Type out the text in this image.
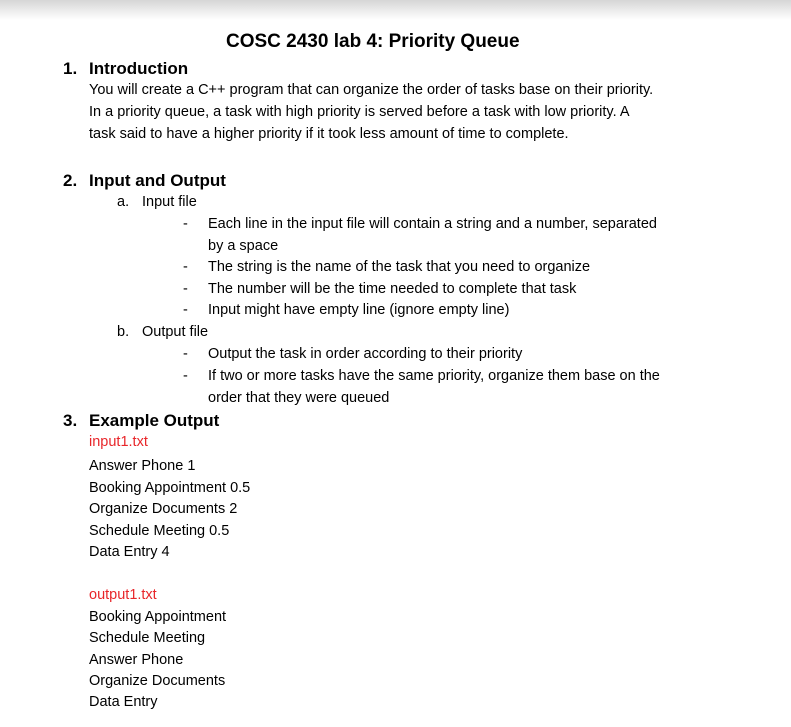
COSC 2430 lab 4: Priority Queue
1. Introduction
You will create a C++ program that can organize the order of tasks base on their priority.
In a priority queue, a task with high priority is served before a task with low priority. A
task said to have a higher priority if it took less amount of time to complete.
2. Input and Output
a. Input file
- Each line in the input file will contain a string and a number, separated
by a space
- The string is the name of the task that you need to organize
- The number will be the time needed to complete that task
- Input might have empty line (ignore empty line)
b. Output file
- Output the task in order according to their priority
- If two or more tasks have the same priority, organize them base on the
order that they were queued
3. Example Output
input1.txt
Answer Phone 1
Booking Appointment 0.5
Organize Documents 2
Schedule Meeting 0.5
Data Entry 4
output1.txt
Booking Appointment
Schedule Meeting
Answer Phone
Organize Documents
Data Entry
